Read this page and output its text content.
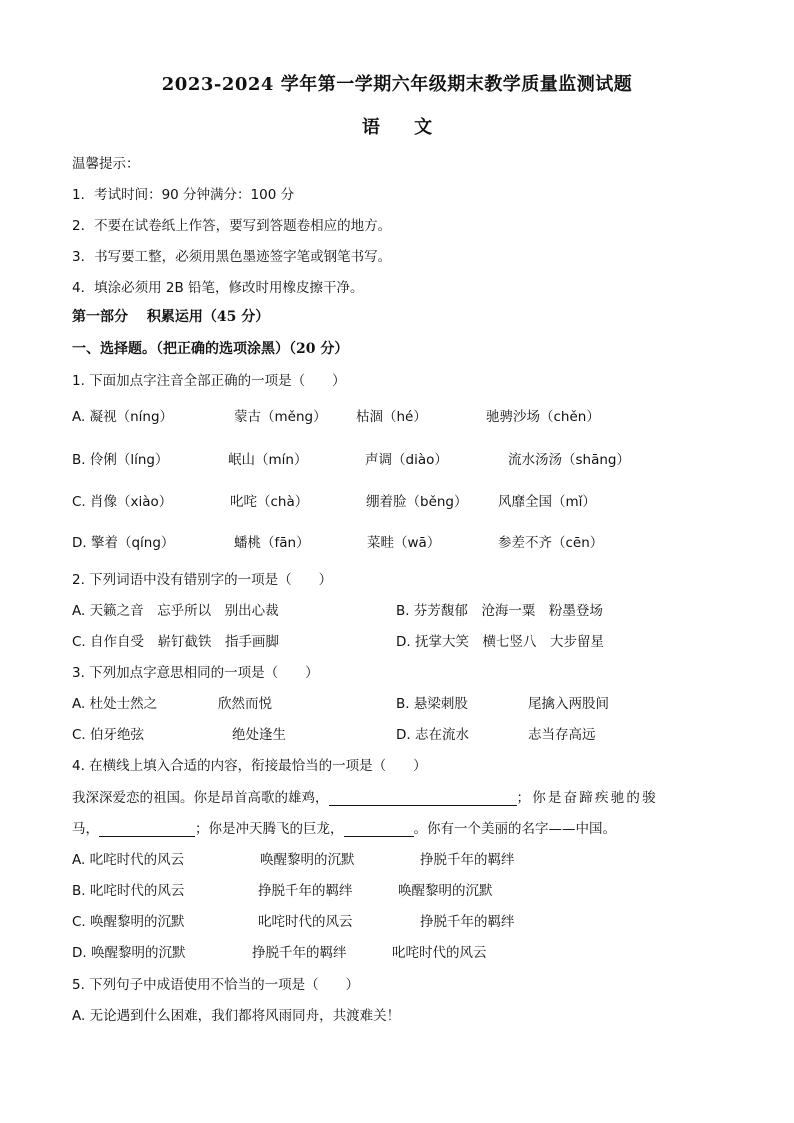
2023-2024 学年第一学期六年级期末教学质量监测试题
语 文
温馨提示：
1．考试时间：90 分钟满分：100 分
2．不要在试卷纸上作答，要写到答题卷相应的地方。
3．书写要工整，必须用黑色墨迹签字笔或钢笔书写。
4．填涂必须用 2B 铅笔，修改时用橡皮擦干净。
第一部分　 积累运用（45 分）
一、选择题。（把正确的选项涂黑）（20 分）
1. 下面加点字注音全部正确的一项是（　　）
A. 凝视（níng）	蒙古（měng） 枯涸（hé）	驰骋沙场（chěn）
B. 伶俐（líng）	岷山（mín）	声调（diào）	流水汤汤（shāng）
C. 肖像（xiào）	叱咤（chà）	绷着脸（běng） 风靡全国（mǐ）
D. 擎着（qíng）	蟠桃（fān）	菜畦（wā）	参差不齐（cēn）
2. 下列词语中没有错别字的一项是（　　）
A. 天籁之音　忘乎所以　别出心裁	B. 芬芳馥郁　沧海一粟　粉墨登场
C. 自作自受　崭钉截铁　指手画脚	D. 抚掌大笑　横七竖八　大步留星
3. 下列加点字意思相同的一项是（　　）
A. 杜处士然之	欣然而悦	B. 悬梁刺股	尾擒入两股间
C. 伯牙绝弦	绝处逢生	D. 志在流水	志当存高远
4. 在横线上填入合适的内容，衔接最恰当的一项是（　　）
我深深爱恋的祖国。你是昂首高歌的雄鸡，	；你是奋蹄疾驰的骏
马，	；你是冲天腾飞的巨龙，	。你有一个美丽的名字——中国。
A. 叱咤时代的风云	唤醒黎明的沉默	挣脱千年的羁绊
B. 叱咤时代的风云	挣脱千年的羁绊	唤醒黎明的沉默
C. 唤醒黎明的沉默	叱咤时代的风云	挣脱千年的羁绊
D. 唤醒黎明的沉默	挣脱千年的羁绊	叱咤时代的风云
5. 下列句子中成语使用不恰当的一项是（　　）
A. 无论遇到什么困难，我们都将风雨同舟，共渡难关！
